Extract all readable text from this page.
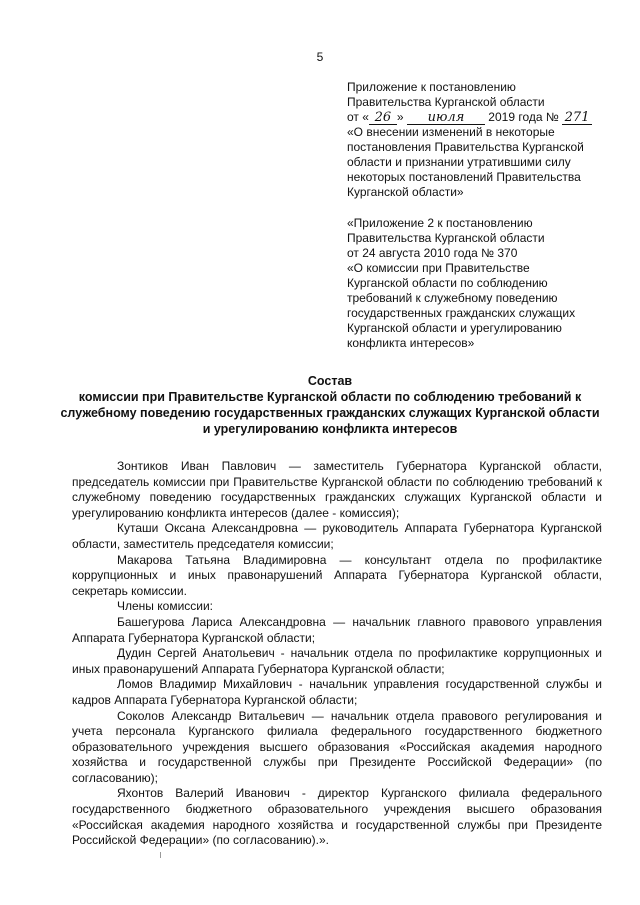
5
Приложение к постановлению
Правительства Курганской области
от « 26 » июля 2019 года № 271
«О внесении изменений в некоторые
постановления Правительства Курганской
области и признании утратившими силу
некоторых постановлений Правительства
Курганской области»
«Приложение 2 к постановлению
Правительства Курганской области
от 24 августа 2010 года № 370
«О комиссии при Правительстве
Курганской области по соблюдению
требований к служебному поведению
государственных гражданских служащих
Курганской области и урегулированию
конфликта интересов»
Состав
комиссии при Правительстве Курганской области по соблюдению требований к служебному поведению государственных гражданских служащих Курганской области и урегулированию конфликта интересов

Зонтиков Иван Павлович — заместитель Губернатора Курганской области, председатель комиссии при Правительстве Курганской области по соблюдению требований к служебному поведению государственных гражданских служащих Курганской области и урегулированию конфликта интересов (далее - комиссия);

Куташи Оксана Александровна — руководитель Аппарата Губернатора Курганской области, заместитель председателя комиссии;

Макарова Татьяна Владимировна — консультант отдела по профилактике коррупционных и иных правонарушений Аппарата Губернатора Курганской области, секретарь комиссии.

Члены комиссии:

Башегурова Лариса Александровна — начальник главного правового управления Аппарата Губернатора Курганской области;

Дудин Сергей Анатольевич - начальник отдела по профилактике коррупционных и иных правонарушений Аппарата Губернатора Курганской области;

Ломов Владимир Михайлович - начальник управления государственной службы и кадров Аппарата Губернатора Курганской области;

Соколов Александр Витальевич — начальник отдела правового регулирования и учета персонала Курганского филиала федерального государственного бюджетного образовательного учреждения высшего образования «Российская академия народного хозяйства и государственной службы при Президенте Российской Федерации» (по согласованию);

Яхонтов Валерий Иванович - директор Курганского филиала федерального государственного бюджетного образовательного учреждения высшего образования «Российская академия народного хозяйства и государственной службы при Президенте Российской Федерации» (по согласованию).».
